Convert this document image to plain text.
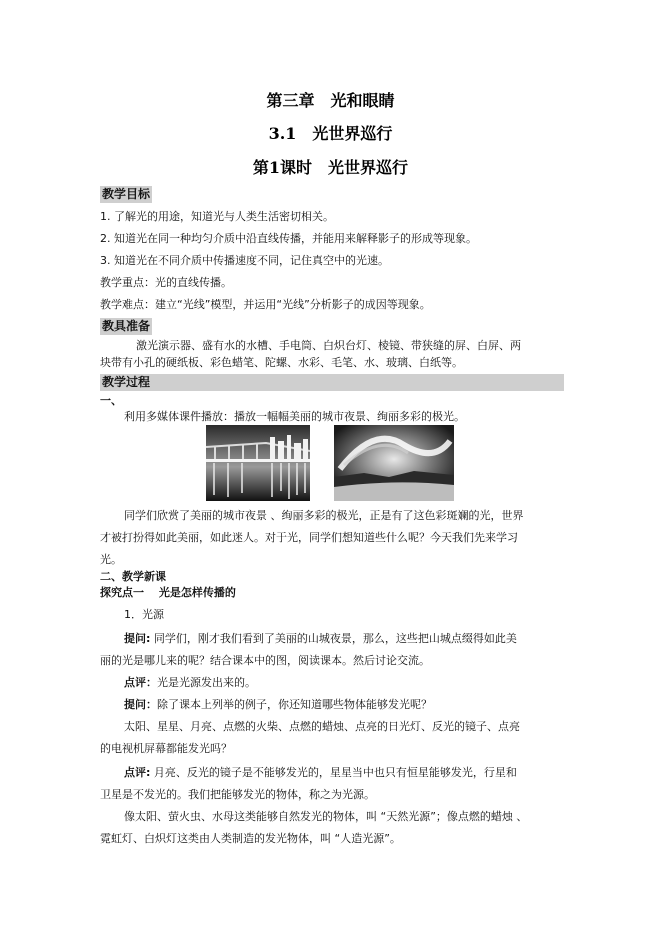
第三章　光和眼睛
3.1　光世界巡行
第1课时　光世界巡行
教学目标
1. 了解光的用途，知道光与人类生活密切相关。
2. 知道光在同一种均匀介质中沿直线传播，并能用来解释影子的形成等现象。
3. 知道光在不同介质中传播速度不同，记住真空中的光速。
教学重点：光的直线传播。
教学难点：建立“光线”模型，并运用“光线”分析影子的成因等现象。
教具准备
激光演示器、盛有水的水槽、手电筒、白炽台灯、棱镜、带狭缝的屏、白屏、两
块带有小孔的硬纸板、彩色蜡笔、陀螺、水彩、毛笔、水、玻璃、白纸等。
教学过程
一、
利用多媒体课件播放：播放一幅幅美丽的城市夜景、绚丽多彩的极光。
同学们欣赏了美丽的城市夜景 、绚丽多彩的极光，正是有了这色彩斑斓的光，世界
才被打扮得如此美丽，如此迷人。对于光，同学们想知道些什么呢？今天我们先来学习
光。
二、教学新课
探究点一　 光是怎样传播的
1．光源
提问: 同学们，刚才我们看到了美丽的山城夜景，那么，这些把山城点缀得如此美
丽的光是哪儿来的呢？结合课本中的图，阅读课本。然后讨论交流。
点评：光是光源发出来的。
提问：除了课本上列举的例子，你还知道哪些物体能够发光呢？
太阳、星星、月亮、点燃的火柴、点燃的蜡烛、点亮的日光灯、反光的镜子、点亮
的电视机屏幕都能发光吗？
点评: 月亮、反光的镜子是不能够发光的，星星当中也只有恒星能够发光，行星和
卫星是不发光的。我们把能够发光的物体，称之为光源。
像太阳、萤火虫、水母这类能够自然发光的物体，叫 “天然光源”；像点燃的蜡烛 、
霓虹灯、白炽灯这类由人类制造的发光物体，叫 “人造光源”。
